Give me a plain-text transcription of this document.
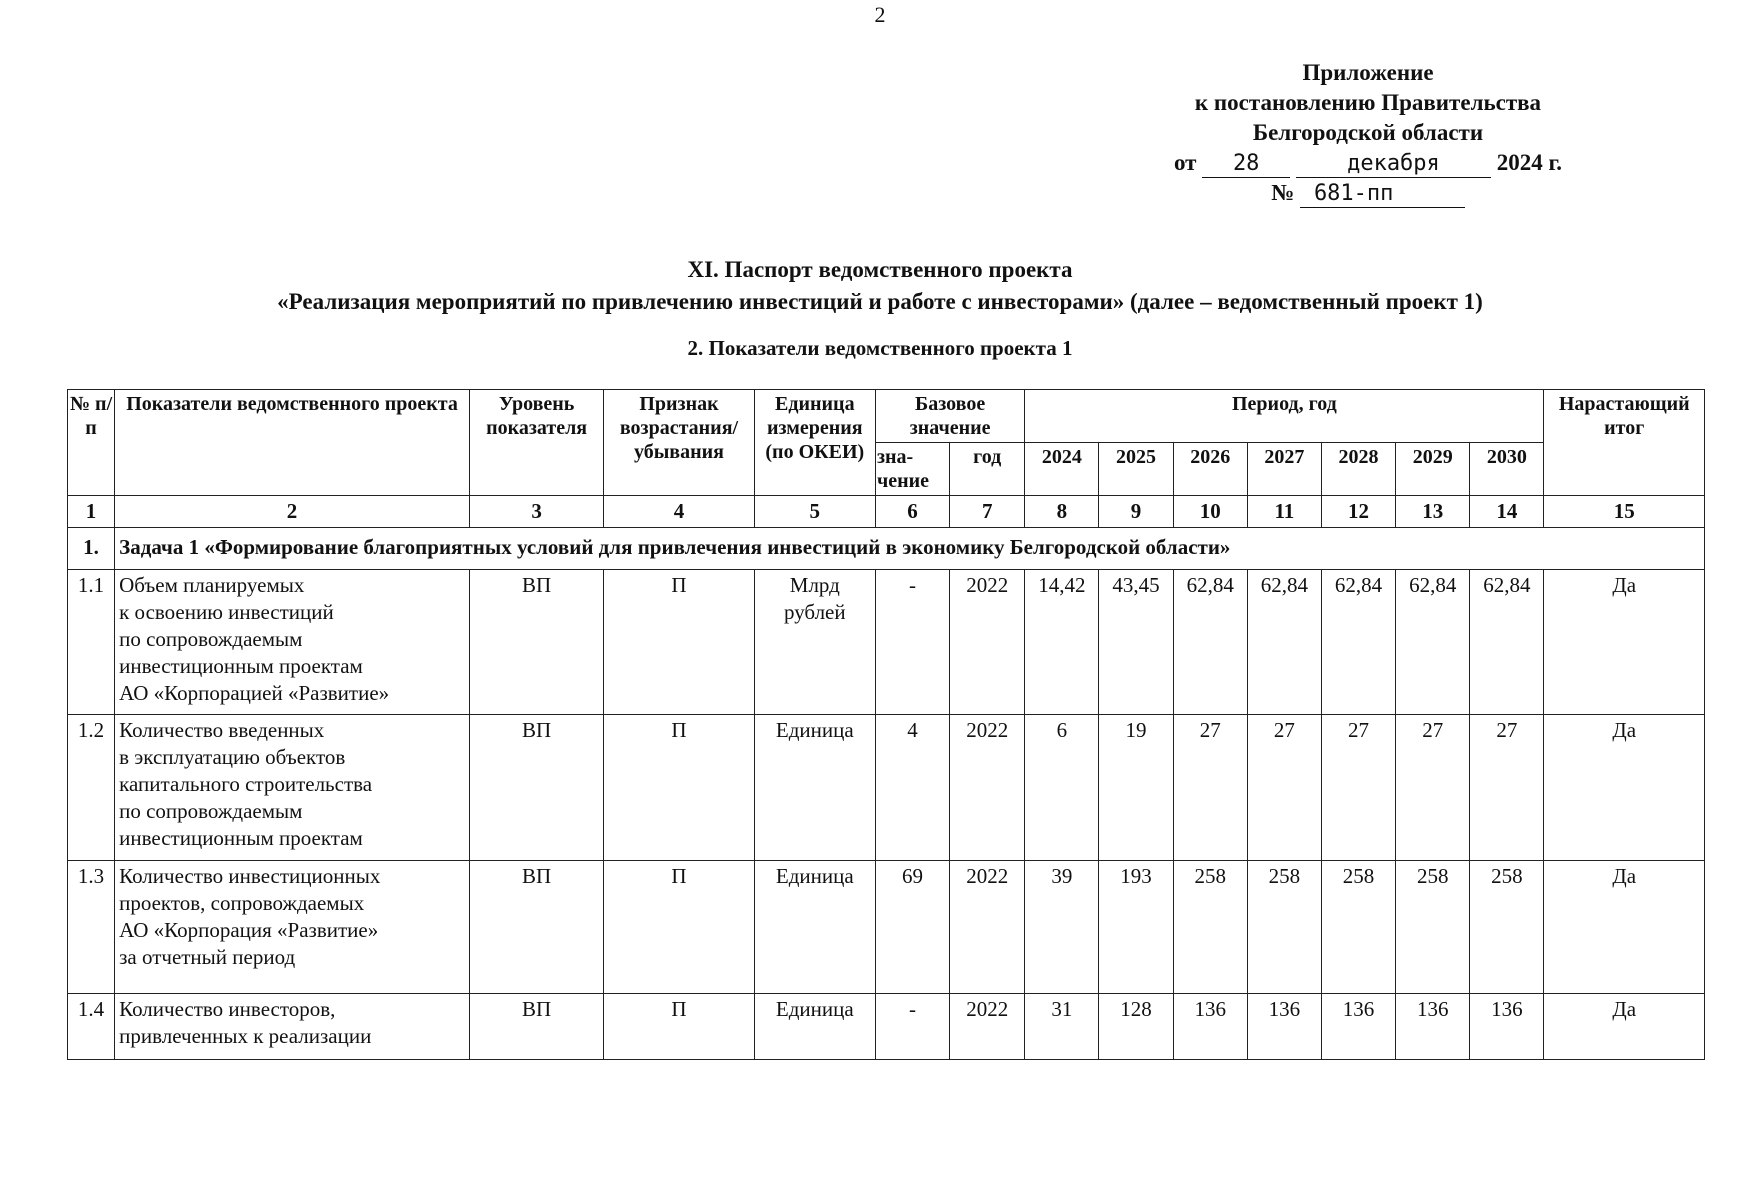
2
Приложение
к постановлению Правительства
Белгородской области
от 28	декабря 2024 г.
№ 681-пп
XI. Паспорт ведомственного проекта
«Реализация мероприятий по привлечению инвестиций и работе с инвесторами» (далее – ведомственный проект 1)
2. Показатели ведомственного проекта 1
№ п/п	Показатели ведомственного проекта	Уровень показателя	Признак возрастания/ убывания	Единица измерения (по ОКЕИ)	Базовое значение		Период, год							Нарастающий итог
					зна- чение	год	2024	2025	2026	2027	2028	2029	2030	
1	2	3	4	5	6	7	8	9	10	11	12	13	14	15
1.	Задача 1 «Формирование благоприятных условий для привлечения инвестиций в экономику Белгородской области»													
1.1	Объем планируемых
к освоению инвестиций
по сопровождаемым
инвестиционным проектам
АО «Корпорацией «Развитие»	ВП	П	Млрд
рублей	-	2022	14,42	43,45	62,84	62,84	62,84	62,84	62,84	Да
1.2	Количество введенных
в эксплуатацию объектов
капитального строительства
по сопровождаемым
инвестиционным проектам	ВП	П	Единица	4	2022	6	19	27	27	27	27	27	Да
1.3	Количество инвестиционных
проектов, сопровождаемых
АО «Корпорация «Развитие»
за отчетный период	ВП	П	Единица	69	2022	39	193	258	258	258	258	258	Да
1.4	Количество инвесторов,
привлеченных к реализации	ВП	П	Единица	-	2022	31	128	136	136	136	136	136	Да
